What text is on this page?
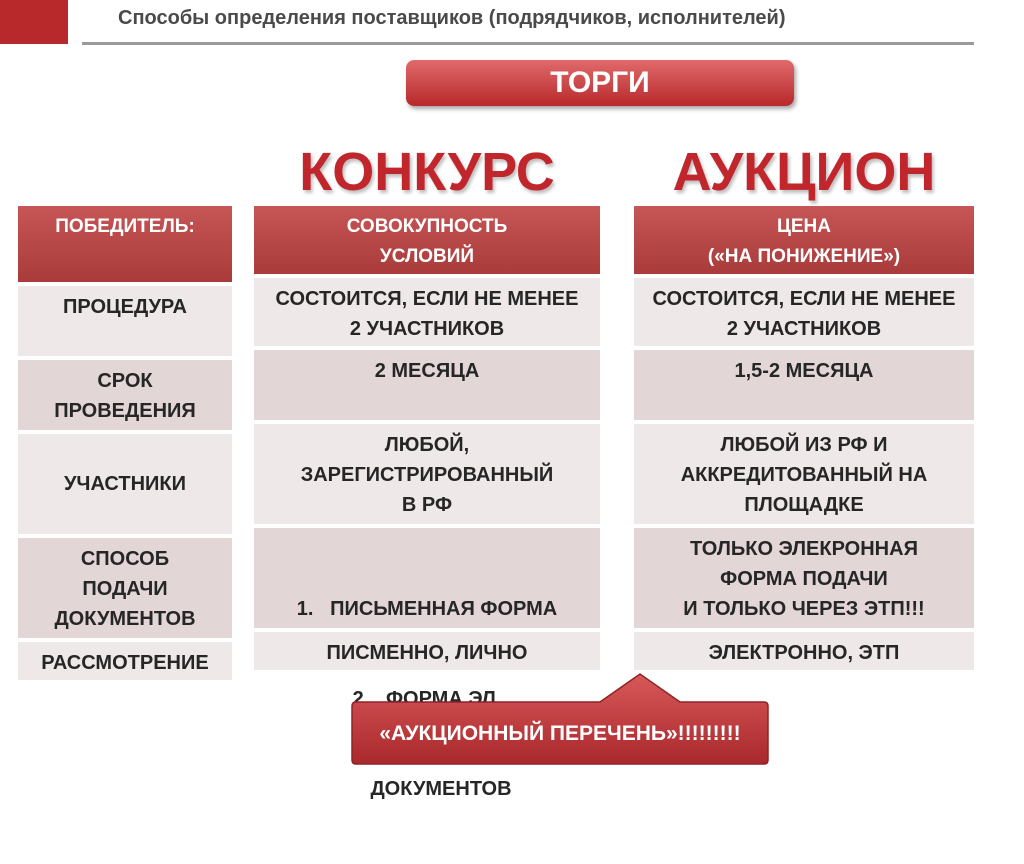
Способы определения поставщиков (подрядчиков, исполнителей)
ТОРГИ
КОНКУРС	АУКЦИОН
ПОБЕДИТЕЛЬ:
ПРОЦЕДУРА
СРОК
ПРОВЕДЕНИЯ
УЧАСТНИКИ
СПОСОБ
ПОДАЧИ
ДОКУМЕНТОВ
РАССМОТРЕНИЕ
СОВОКУПНОСТЬ
УСЛОВИЙ
СОСТОИТСЯ, ЕСЛИ НЕ МЕНЕЕ
2 УЧАСТНИКОВ
2 МЕСЯЦА
ЛЮБОЙ,
ЗАРЕГИСТРИРОВАННЫЙ
В РФ

1.   ПИСЬМЕННАЯ ФОРМА

2.   ФОРМА ЭЛ.

ДОКУМЕНТОВ

ПИСМЕННО, ЛИЧНО
ЦЕНА
(«НА ПОНИЖЕНИЕ»)
СОСТОИТСЯ, ЕСЛИ НЕ МЕНЕЕ
2 УЧАСТНИКОВ
1,5-2 МЕСЯЦА
ЛЮБОЙ ИЗ РФ И
АККРЕДИТОВАННЫЙ НА
ПЛОЩАДКЕ
ТОЛЬКО ЭЛЕКРОННАЯ
ФОРМА ПОДАЧИ
И ТОЛЬКО ЧЕРЕЗ ЭТП!!!
ЭЛЕКТРОННО, ЭТП
«АУКЦИОННЫЙ ПЕРЕЧЕНЬ»!!!!!!!!!
